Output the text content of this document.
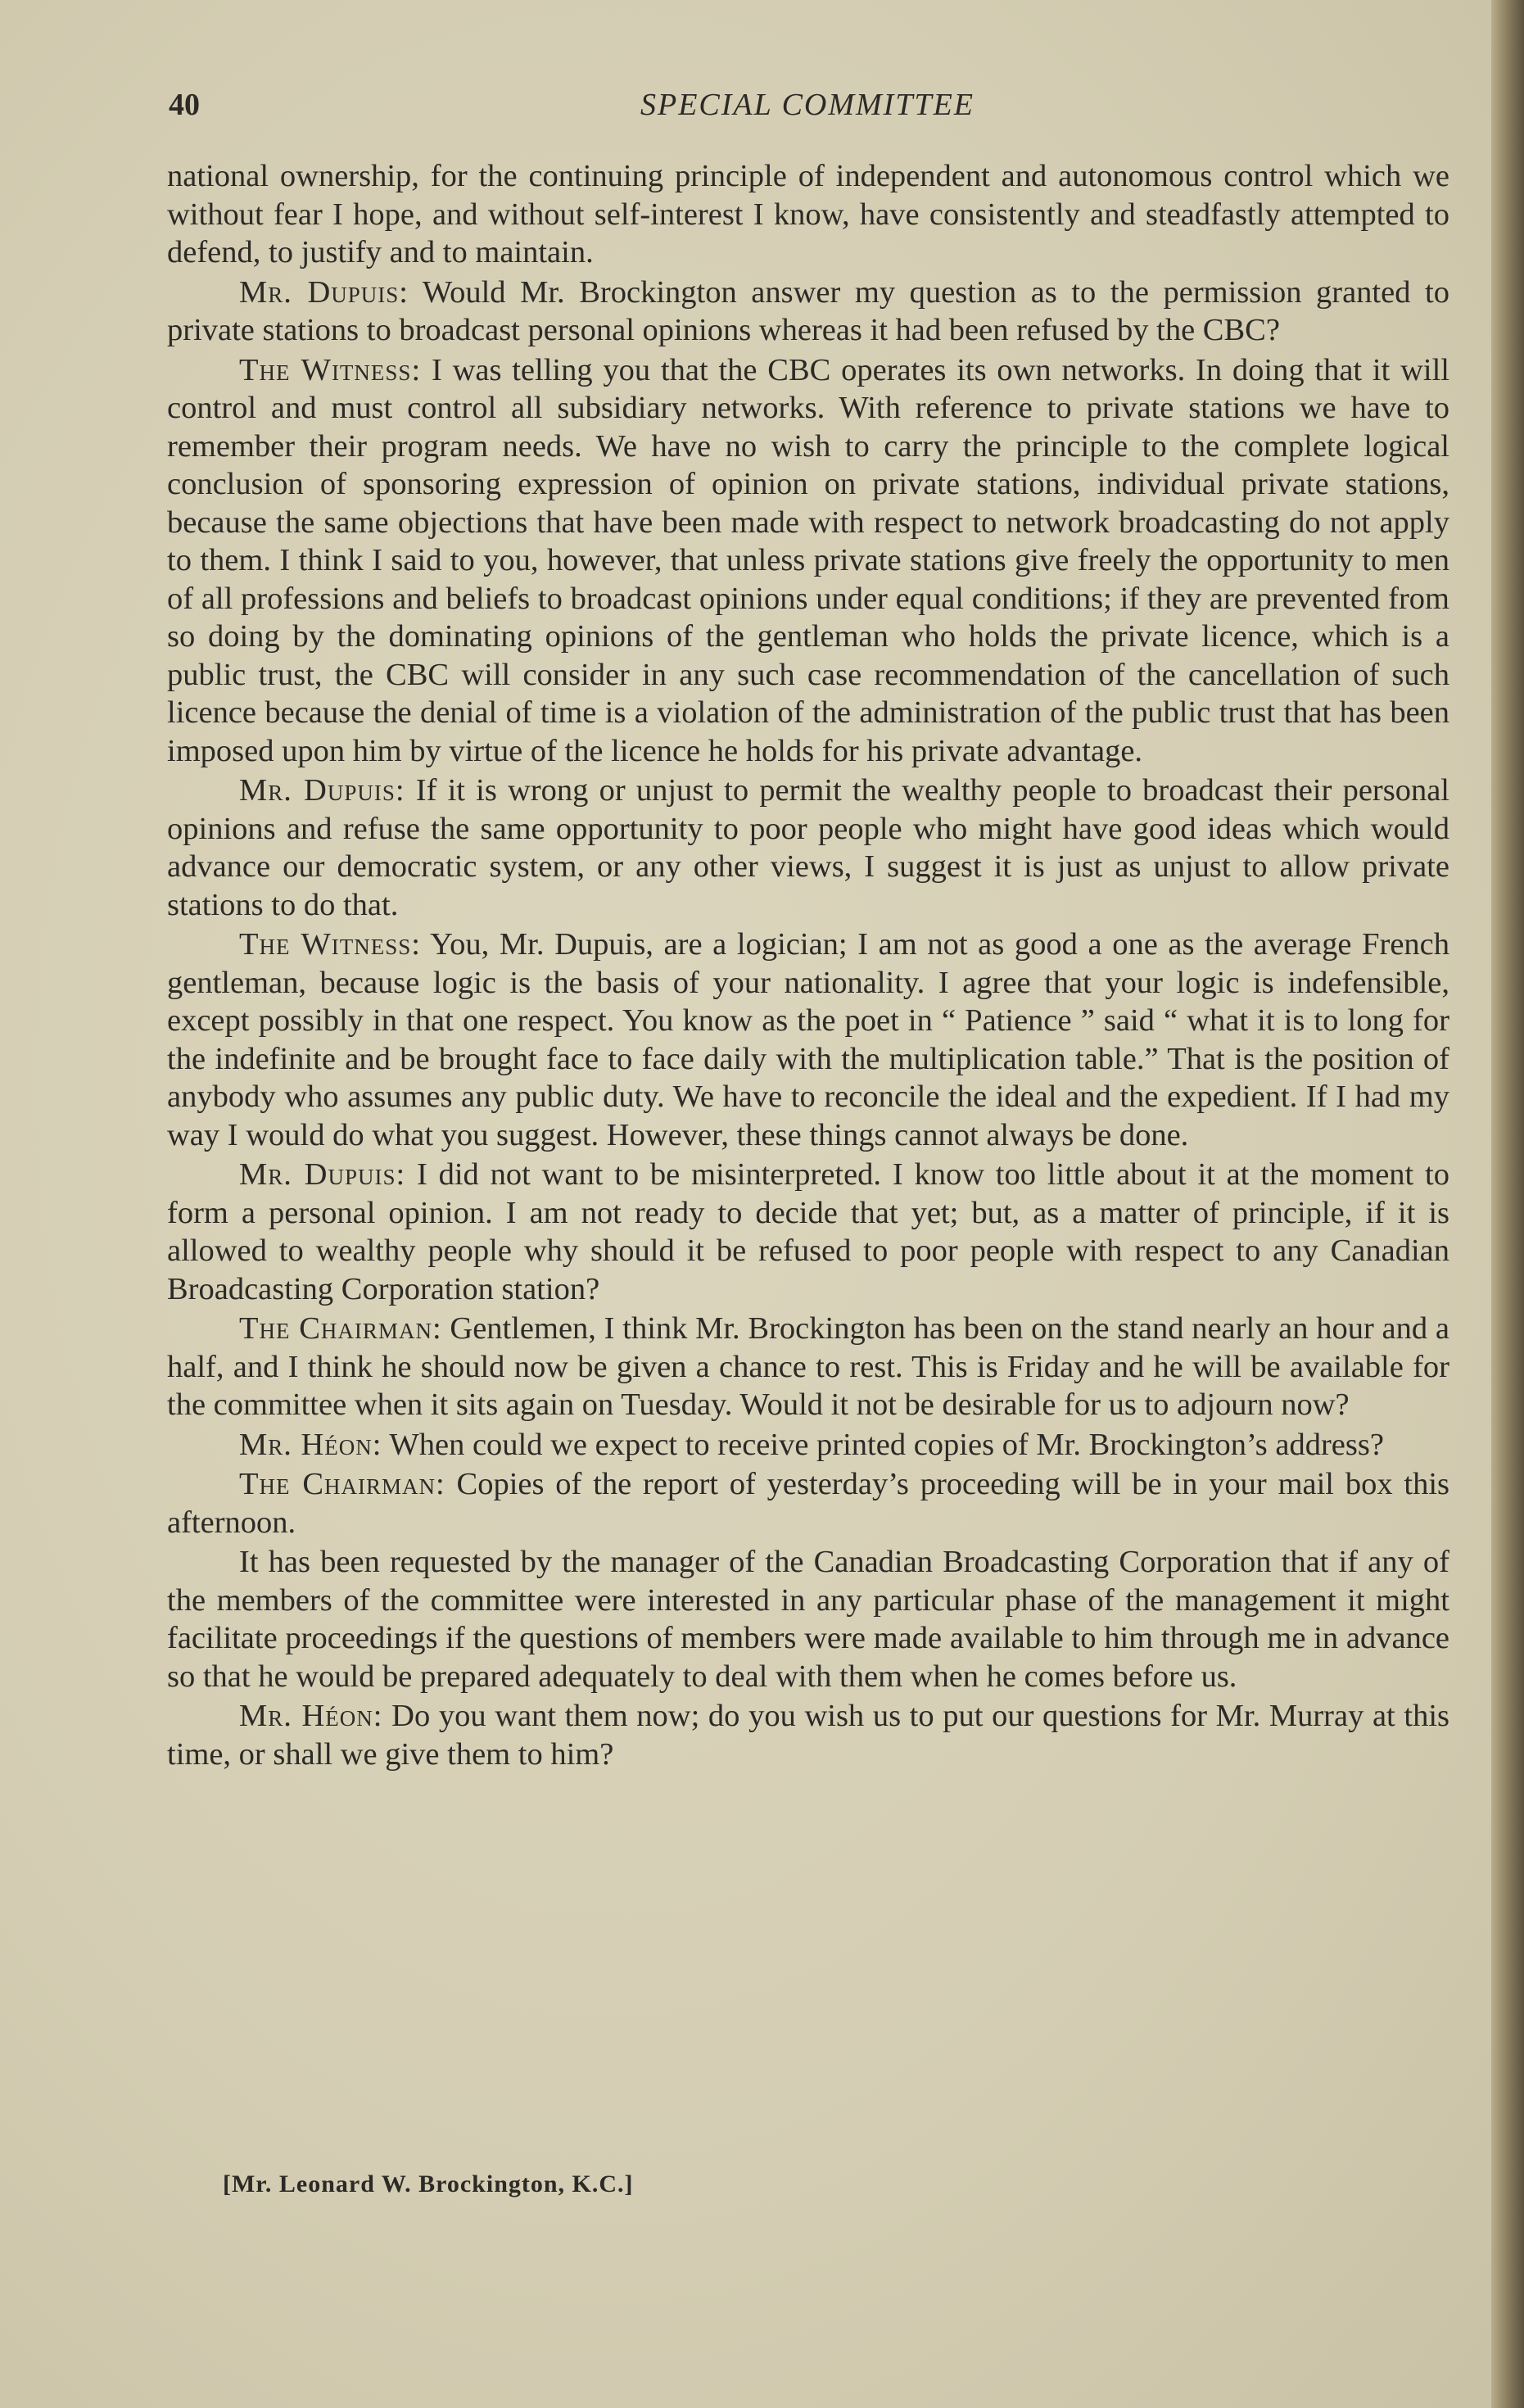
40	SPECIAL COMMITTEE

national ownership, for the continuing principle of independent and autonomous control which we without fear I hope, and without self-interest I know, have consistently and steadfastly attempted to defend, to justify and to maintain.

Mr. Dupuis: Would Mr. Brockington answer my question as to the permission granted to private stations to broadcast personal opinions whereas it had been refused by the CBC?

The Witness: I was telling you that the CBC operates its own networks. In doing that it will control and must control all subsidiary networks. With reference to private stations we have to remember their program needs. We have no wish to carry the principle to the complete logical conclusion of sponsoring expression of opinion on private stations, individual private stations, because the same objections that have been made with respect to network broadcasting do not apply to them. I think I said to you, however, that unless private stations give freely the opportunity to men of all professions and beliefs to broadcast opinions under equal conditions; if they are prevented from so doing by the dominating opinions of the gentleman who holds the private licence, which is a public trust, the CBC will consider in any such case recommendation of the cancellation of such licence because the denial of time is a violation of the administration of the public trust that has been imposed upon him by virtue of the licence he holds for his private advantage.

Mr. Dupuis: If it is wrong or unjust to permit the wealthy people to broadcast their personal opinions and refuse the same opportunity to poor people who might have good ideas which would advance our democratic system, or any other views, I suggest it is just as unjust to allow private stations to do that.

The Witness: You, Mr. Dupuis, are a logician; I am not as good a one as the average French gentleman, because logic is the basis of your nationality. I agree that your logic is indefensible, except possibly in that one respect. You know as the poet in “ Patience ” said “ what it is to long for the indefinite and be brought face to face daily with the multiplication table.” That is the position of anybody who assumes any public duty. We have to reconcile the ideal and the expedient. If I had my way I would do what you suggest. However, these things cannot always be done.

Mr. Dupuis: I did not want to be misinterpreted. I know too little about it at the moment to form a personal opinion. I am not ready to decide that yet; but, as a matter of principle, if it is allowed to wealthy people why should it be refused to poor people with respect to any Canadian Broadcasting Corporation station?

The Chairman: Gentlemen, I think Mr. Brockington has been on the stand nearly an hour and a half, and I think he should now be given a chance to rest. This is Friday and he will be available for the committee when it sits again on Tuesday. Would it not be desirable for us to adjourn now?

Mr. Héon: When could we expect to receive printed copies of Mr. Brockington’s address?

The Chairman: Copies of the report of yesterday’s proceeding will be in your mail box this afternoon.

It has been requested by the manager of the Canadian Broadcasting Corporation that if any of the members of the committee were interested in any particular phase of the management it might facilitate proceedings if the questions of members were made available to him through me in advance so that he would be prepared adequately to deal with them when he comes before us.

Mr. Héon: Do you want them now; do you wish us to put our questions for Mr. Murray at this time, or shall we give them to him?

[Mr. Leonard W. Brockington, K.C.]
